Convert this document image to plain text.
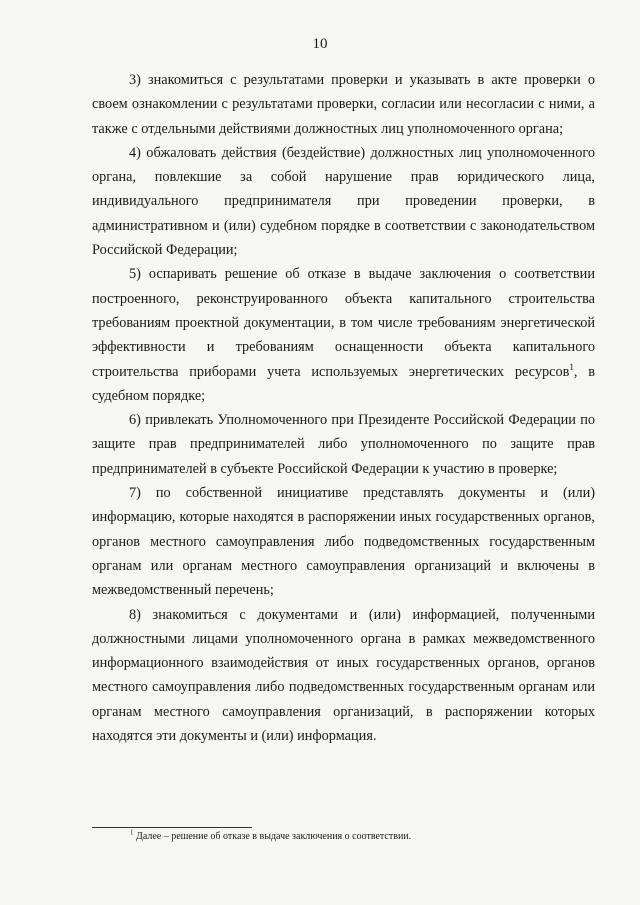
10

3) знакомиться с результатами проверки и указывать в акте проверки о своем ознакомлении с результатами проверки, согласии или несогласии с ними, а также с отдельными действиями должностных лиц уполномоченного органа;

4) обжаловать действия (бездействие) должностных лиц уполномоченного органа, повлекшие за собой нарушение прав юридического лица, индивидуального предпринимателя при проведении проверки, в административном и (или) судебном порядке в соответствии с законодательством Российской Федерации;

5) оспаривать решение об отказе в выдаче заключения о соответствии построенного, реконструированного объекта капитального строительства требованиям проектной документации, в том числе требованиям энергетической эффективности и требованиям оснащенности объекта капитального строительства приборами учета используемых энергетических ресурсов$^1$, в судебном порядке;

6) привлекать Уполномоченного при Президенте Российской Федерации по защите прав предпринимателей либо уполномоченного по защите прав предпринимателей в субъекте Российской Федерации к участию в проверке;

7) по собственной инициативе представлять документы и (или) информацию, которые находятся в распоряжении иных государственных органов, органов местного самоуправления либо подведомственных государственным органам или органам местного самоуправления организаций и включены в межведомственный перечень;

8) знакомиться с документами и (или) информацией, полученными должностными лицами уполномоченного органа в рамках межведомственного информационного взаимодействия от иных государственных органов, органов местного самоуправления либо подведомственных государственным органам или органам местного самоуправления организаций, в распоряжении которых находятся эти документы и (или) информация.

$^1$ Далее – решение об отказе в выдаче заключения о соответствии.
